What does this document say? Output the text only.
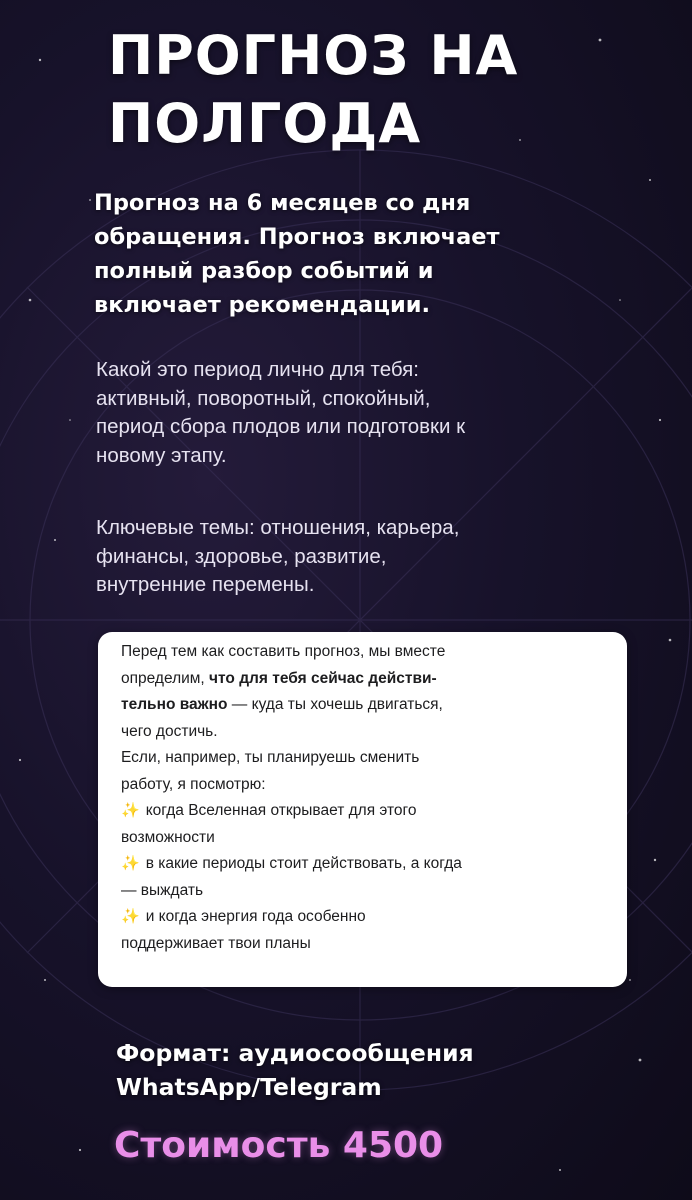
ПРОГНОЗ НА
ПОЛГОДА

Прогноз на 6 месяцев со дня
обращения. Прогноз включает
полный разбор событий и
включает рекомендации.

Какой это период лично для тебя:
активный, поворотный, спокойный,
период сбора плодов или подготовки к
новому этапу.

Ключевые темы: отношения, карьера,
финансы, здоровье, развитие,
внутренние перемены.

Перед тем как составить прогноз, мы вместе
определим, что для тебя сейчас действи-
тельно важно — куда ты хочешь двигаться,
чего достичь.
Если, например, ты планируешь сменить
работу, я посмотрю:
✨ когда Вселенная открывает для этого
возможности
✨ в какие периоды стоит действовать, а когда
— выждать
✨ и когда энергия года особенно
поддерживает твои планы

Формат: аудиосообщения
WhatsApp/Telegram

Стоимость 4500
